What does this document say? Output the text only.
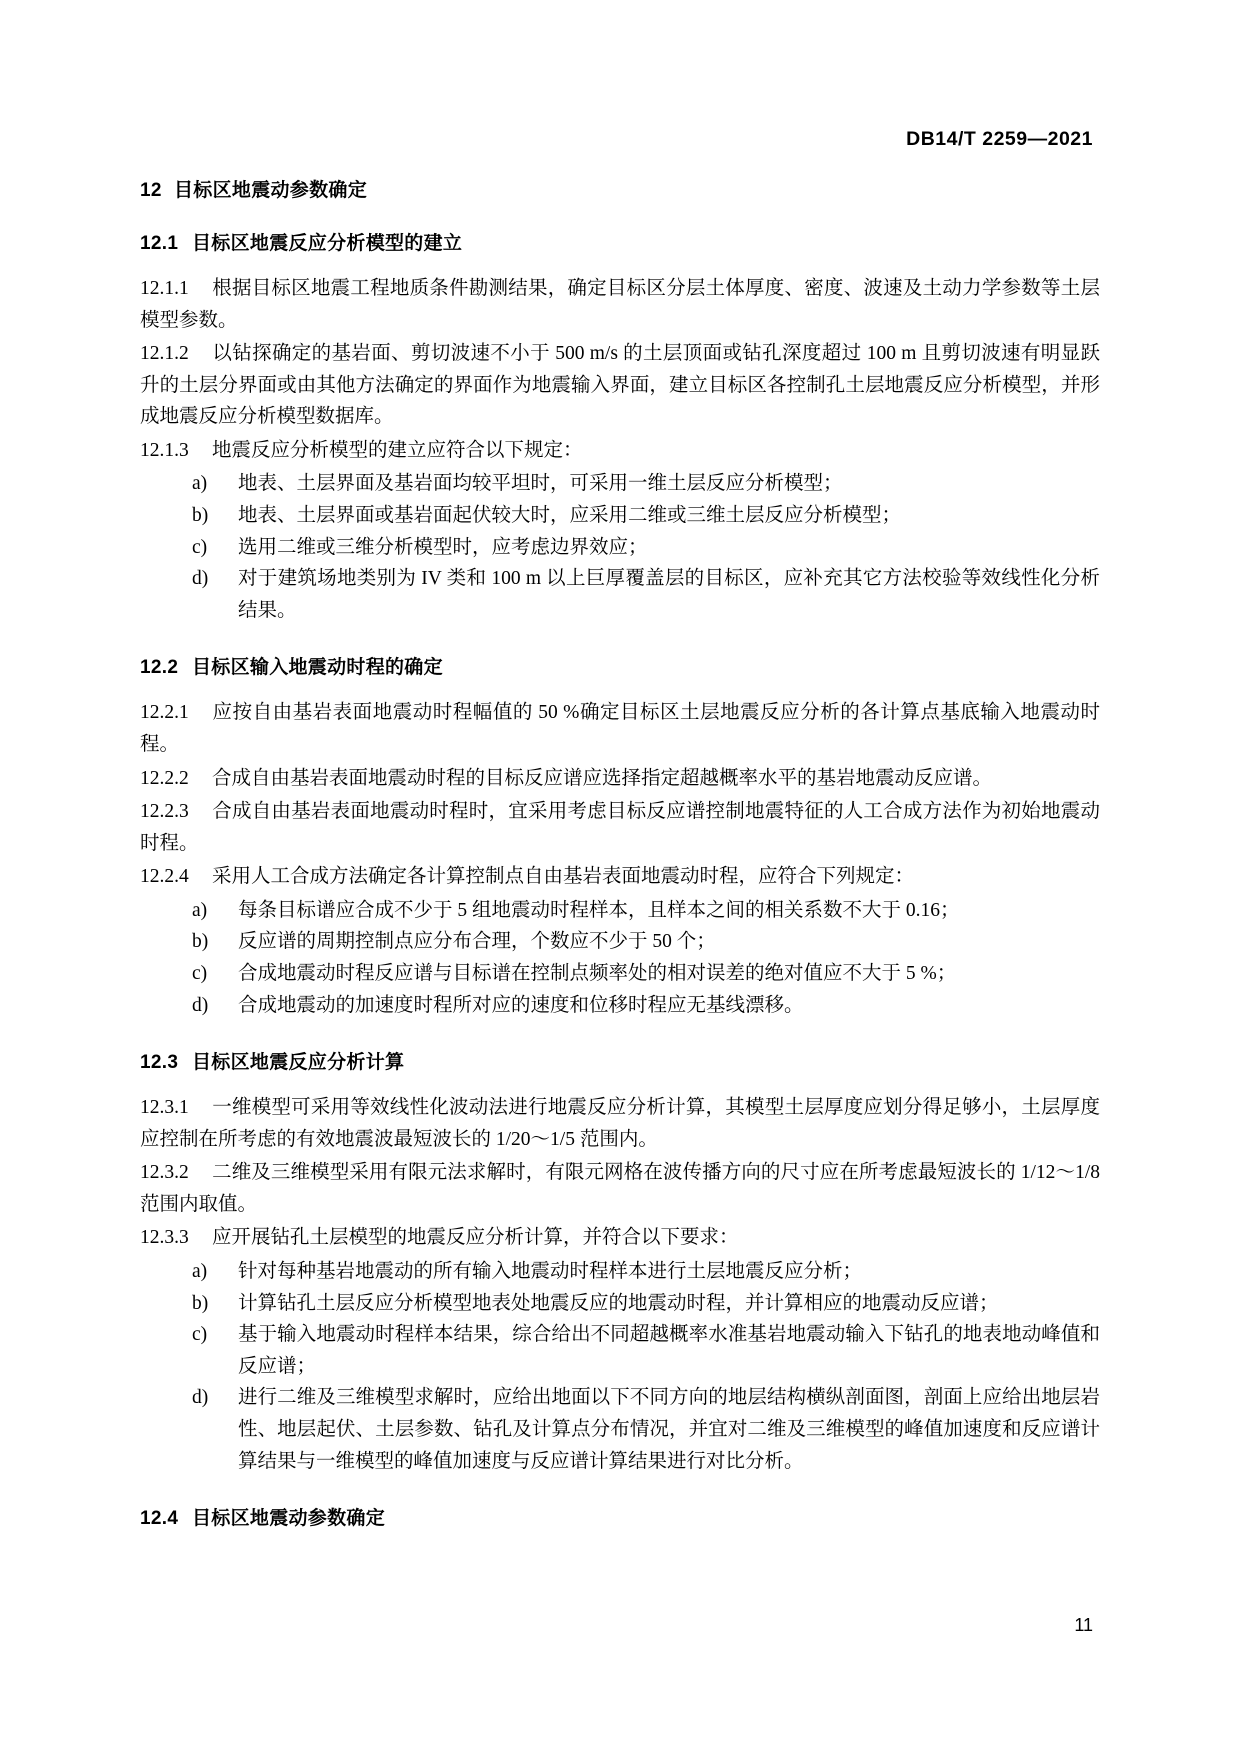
DB14/T 2259—2021
12 目标区地震动参数确定
12.1 目标区地震反应分析模型的建立

12.1.1 根据目标区地震工程地质条件勘测结果，确定目标区分层土体厚度、密度、波速及土动力学参数等土层模型参数。

12.1.2 以钻探确定的基岩面、剪切波速不小于 500 m/s 的土层顶面或钻孔深度超过 100 m 且剪切波速有明显跃升的土层分界面或由其他方法确定的界面作为地震输入界面，建立目标区各控制孔土层地震反应分析模型，并形成地震反应分析模型数据库。

12.1.3 地震反应分析模型的建立应符合以下规定：

a)	地表、土层界面及基岩面均较平坦时，可采用一维土层反应分析模型；
b)	地表、土层界面或基岩面起伏较大时，应采用二维或三维土层反应分析模型；
c)	选用二维或三维分析模型时，应考虑边界效应；
d)	对于建筑场地类别为 IV 类和 100 m 以上巨厚覆盖层的目标区，应补充其它方法校验等效线性化分析结果。
12.2 目标区输入地震动时程的确定

12.2.1 应按自由基岩表面地震动时程幅值的 50 %确定目标区土层地震反应分析的各计算点基底输入地震动时程。

12.2.2 合成自由基岩表面地震动时程的目标反应谱应选择指定超越概率水平的基岩地震动反应谱。

12.2.3 合成自由基岩表面地震动时程时，宜采用考虑目标反应谱控制地震特征的人工合成方法作为初始地震动时程。

12.2.4 采用人工合成方法确定各计算控制点自由基岩表面地震动时程，应符合下列规定：

a)	每条目标谱应合成不少于 5 组地震动时程样本，且样本之间的相关系数不大于 0.16；
b)	反应谱的周期控制点应分布合理，个数应不少于 50 个；
c)	合成地震动时程反应谱与目标谱在控制点频率处的相对误差的绝对值应不大于 5 %；
d)	合成地震动的加速度时程所对应的速度和位移时程应无基线漂移。
12.3 目标区地震反应分析计算

12.3.1 一维模型可采用等效线性化波动法进行地震反应分析计算，其模型土层厚度应划分得足够小，土层厚度应控制在所考虑的有效地震波最短波长的 1/20～1/5 范围内。

12.3.2 二维及三维模型采用有限元法求解时，有限元网格在波传播方向的尺寸应在所考虑最短波长的 1/12～1/8 范围内取值。

12.3.3 应开展钻孔土层模型的地震反应分析计算，并符合以下要求：

a)	针对每种基岩地震动的所有输入地震动时程样本进行土层地震反应分析；
b)	计算钻孔土层反应分析模型地表处地震反应的地震动时程，并计算相应的地震动反应谱；
c)	基于输入地震动时程样本结果，综合给出不同超越概率水准基岩地震动输入下钻孔的地表地动峰值和反应谱；
d)	进行二维及三维模型求解时，应给出地面以下不同方向的地层结构横纵剖面图，剖面上应给出地层岩性、地层起伏、土层参数、钻孔及计算点分布情况，并宜对二维及三维模型的峰值加速度和反应谱计算结果与一维模型的峰值加速度与反应谱计算结果进行对比分析。
12.4 目标区地震动参数确定
11
